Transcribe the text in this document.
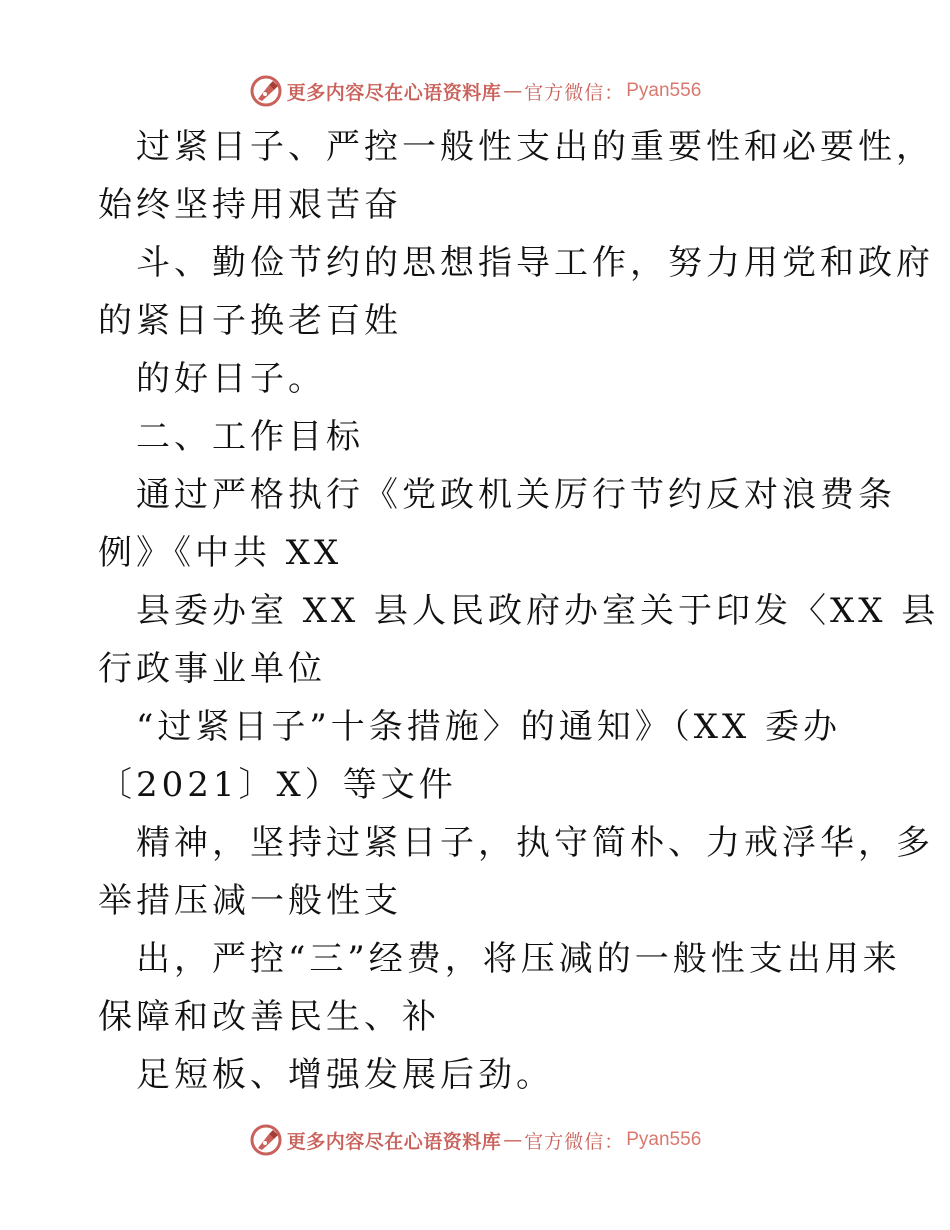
更多内容尽在心语资料库 — 官方微信： Pyan556
过紧日子、严控一般性支出的重要性和必要性，
始终坚持用艰苦奋
斗、勤俭节约的思想指导工作，努力用党和政府
的紧日子换老百姓
的好日子。
二、工作目标
通过严格执行《党政机关厉行节约反对浪费条
例》《中共 XX
县委办室 XX 县人民政府办室关于印发〈XX 县
行政事业单位
“过紧日子”十条措施〉的通知》（XX 委办
〔2021〕X）等文件
精神，坚持过紧日子，执守简朴、力戒浮华，多
举措压减一般性支
出，严控“三”经费，将压减的一般性支出用来
保障和改善民生、补
足短板、增强发展后劲。
更多内容尽在心语资料库 — 官方微信： Pyan556
